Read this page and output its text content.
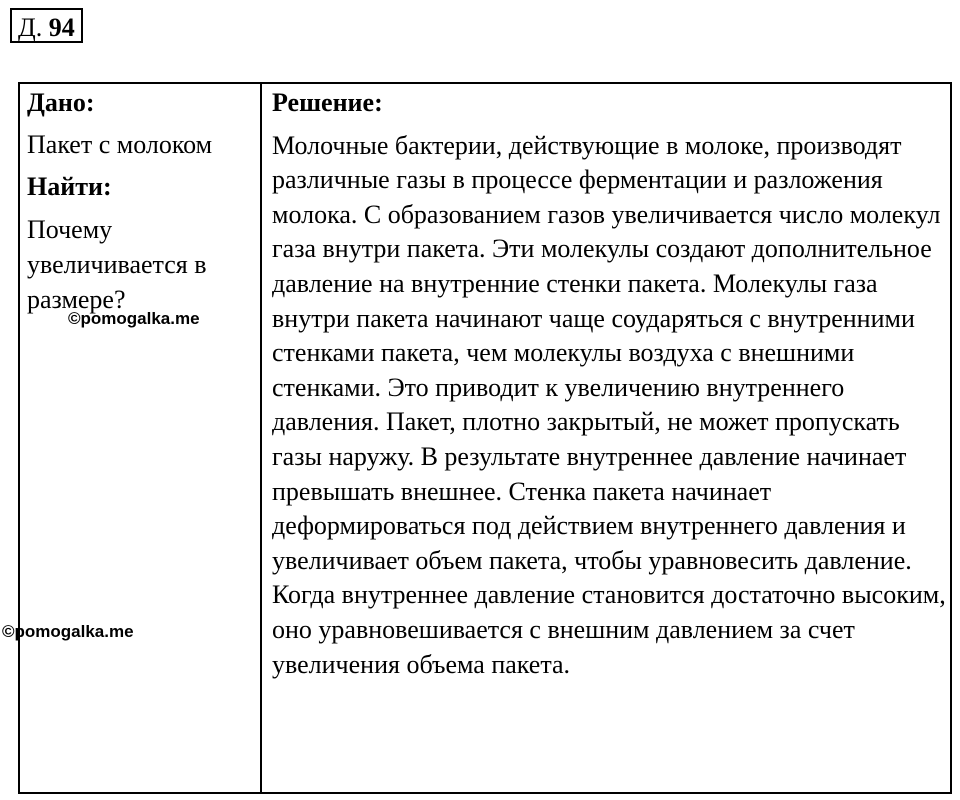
Д. 94
Дано:
Пакет с молоком
Найти:
Почему увеличивается в размере?
Решение:
Молочные бактерии, действующие в молоке, производят различные газы в процессе ферментации и разложения молока. С образованием газов увеличивается число молекул газа внутри пакета. Эти молекулы создают дополнительное давление на внутренние стенки пакета. Молекулы газа внутри пакета начинают чаще соударяться с внутренними стенками пакета, чем молекулы воздуха с внешними стенками. Это приводит к увеличению внутреннего давления. Пакет, плотно закрытый, не может пропускать газы наружу. В результате внутреннее давление начинает превышать внешнее. Стенка пакета начинает деформироваться под действием внутреннего давления и увеличивает объем пакета, чтобы уравновесить давление. Когда внутреннее давление становится достаточно высоким, оно уравновешивается с внешним давлением за счет увеличения объема пакета.
©pomogalka.me
©pomogalka.me
